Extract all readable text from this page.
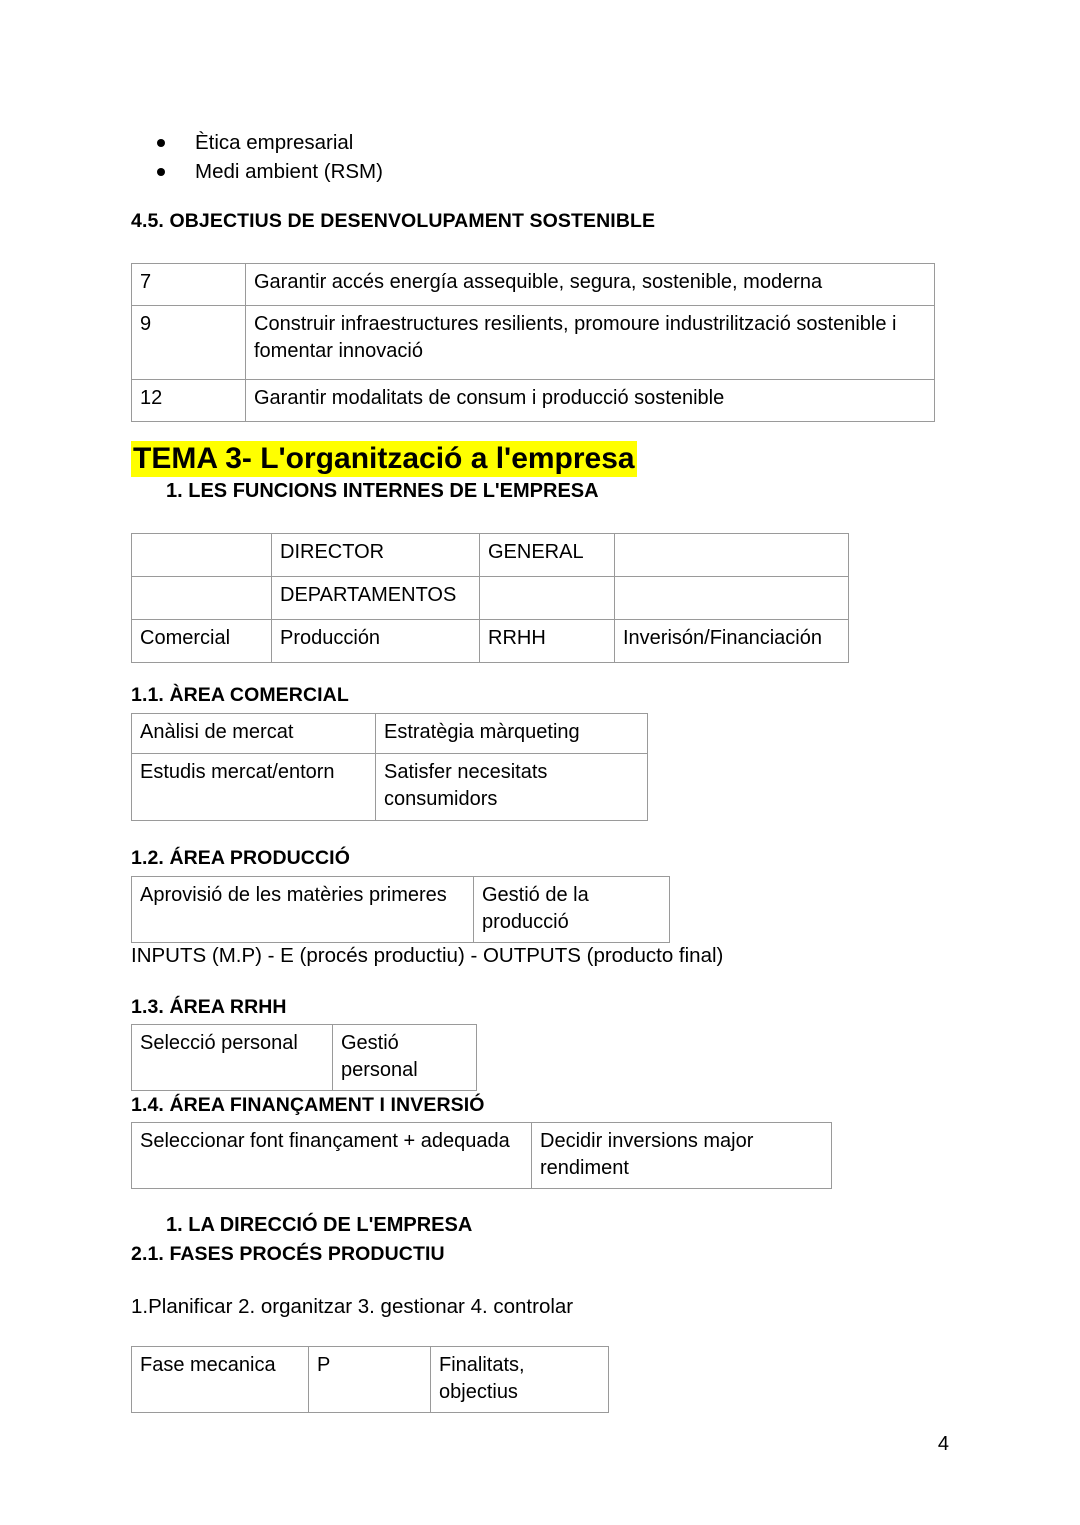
Ètica empresarial
Medi ambient (RSM)
4.5. OBJECTIUS DE DESENVOLUPAMENT SOSTENIBLE
7	Garantir accés energía assequible, segura, sostenible, moderna
9	Construir infraestructures resilients, promoure industrilització sostenible i fomentar innovació
12	Garantir modalitats de consum i producció sostenible
TEMA 3- L'organització a l'empresa
1. LES FUNCIONS INTERNES DE L'EMPRESA
	DIRECTOR	GENERAL	
	DEPARTAMENTOS		
Comercial	Producción	RRHH	Inverisón/Financiación
1.1. ÀREA COMERCIAL
Anàlisi de mercat	Estratègia màrqueting
Estudis mercat/entorn	Satisfer necesitats consumidors
1.2. ÁREA PRODUCCIÓ
Aprovisió de les matèries primeres	Gestió de la producció
INPUTS (M.P) - E (procés productiu) - OUTPUTS (producto final)
1.3. ÁREA RRHH
Selecció personal	Gestió personal
1.4. ÁREA FINANÇAMENT I INVERSIÓ
Seleccionar font finançament + adequada	Decidir inversions major rendiment
1. LA DIRECCIÓ DE L'EMPRESA
2.1. FASES PROCÉS PRODUCTIU
1.Planificar 2. organitzar 3. gestionar 4. controlar
Fase mecanica	P	Finalitats, objectius
4
